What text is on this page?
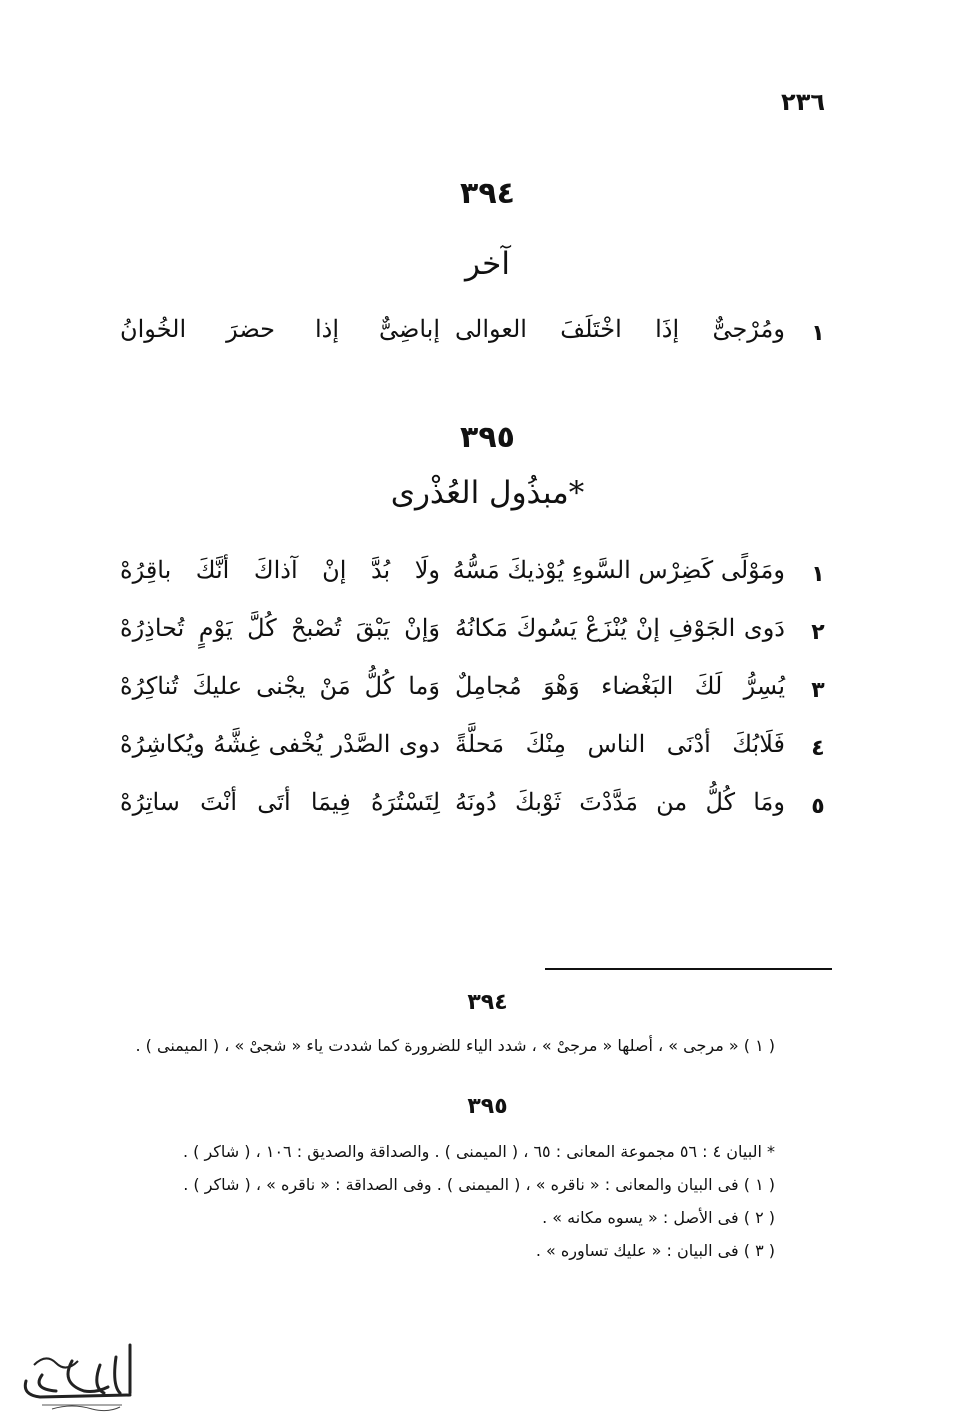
٢٣٦
٣٩٤
آخر
١
ومُرْجىٌّ إذَا اخْتَلَفَ العوالى
إباضِىٌّ إذا حضرَ الخُوانُ
٣٩٥
مبذُول العُذْرى*
١
ومَوْلًى كَضِرْس السَّوءِ يُوْذيكَ مَسُّهُ
ولَا بُدَّ إنْ آذاكَ أنَّكَ باقِرُهْ
٢
دَوى الجَوْفِ إنْ يُنْزَعْ يَسُوكَ مَكانُهُ
وَإنْ يَبْقَ تُصْبحْ كُلَّ يَوْمٍ تُحاذِرُهْ
٣
يُسِرُّ لَكَ البَغْضاء وَهْوَ مُجامِلٌ
وَما كُلُّ مَنْ يجْنى عليكَ تُناكِرُهْ
٤
فَلَابُكَ أدْنَى الناس مِنْكَ مَحلَّةً
دوى الصَّدْر يُخْفى غِشَّهُ ويُكاشِرُهْ
٥
ومَا كُلُّ من مَدَّدْتَ ثَوْبكَ دُونَهُ
لِتَسْتُرَهُ فِيمَا أتَى أنْتَ ساتِرُهْ
٣٩٤
( ١ ) « مرجى » ، أصلها « مرجىْ » ، شدد الياء للضرورة كما شددت ياء « شجىْ » ، ( الميمنى ) .
٣٩٥
* البيان ٤ : ٥٦ مجموعة المعانى : ٦٥ ، ( الميمنى ) . والصداقة والصديق : ١٠٦ ، ( شاكر ) .
( ١ ) فى البيان والمعانى : « ناقره » ، ( الميمنى ) . وفى الصداقة : « ناقره » ، ( شاكر ) .
( ٢ ) فى الأصل : « يسوه مكانه » .
( ٣ ) فى البيان : « عليك تساوره » .
